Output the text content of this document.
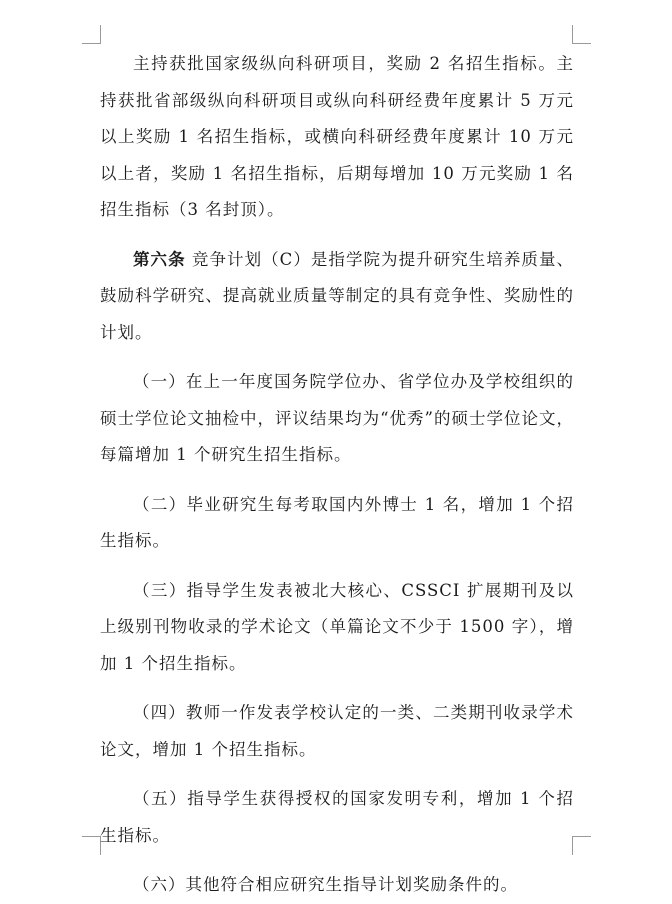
主持获批国家级纵向科研项目，奖励 2 名招生指标。主持获批省部级纵向科研项目或纵向科研经费年度累计 5 万元以上奖励 1 名招生指标，或横向科研经费年度累计 10 万元以上者，奖励 1 名招生指标，后期每增加 10 万元奖励 1 名招生指标（3 名封顶）。

第六条 竞争计划（C）是指学院为提升研究生培养质量、鼓励科学研究、提高就业质量等制定的具有竞争性、奖励性的计划。

（一）在上一年度国务院学位办、省学位办及学校组织的硕士学位论文抽检中，评议结果均为“优秀”的硕士学位论文，每篇增加 1 个研究生招生指标。

（二）毕业研究生每考取国内外博士 1 名，增加 1 个招生指标。

（三）指导学生发表被北大核心、CSSCI 扩展期刊及以上级别刊物收录的学术论文（单篇论文不少于 1500 字），增加 1 个招生指标。

（四）教师一作发表学校认定的一类、二类期刊收录学术论文，增加 1 个招生指标。

（五）指导学生获得授权的国家发明专利，增加 1 个招生指标。

（六）其他符合相应研究生指导计划奖励条件的。
